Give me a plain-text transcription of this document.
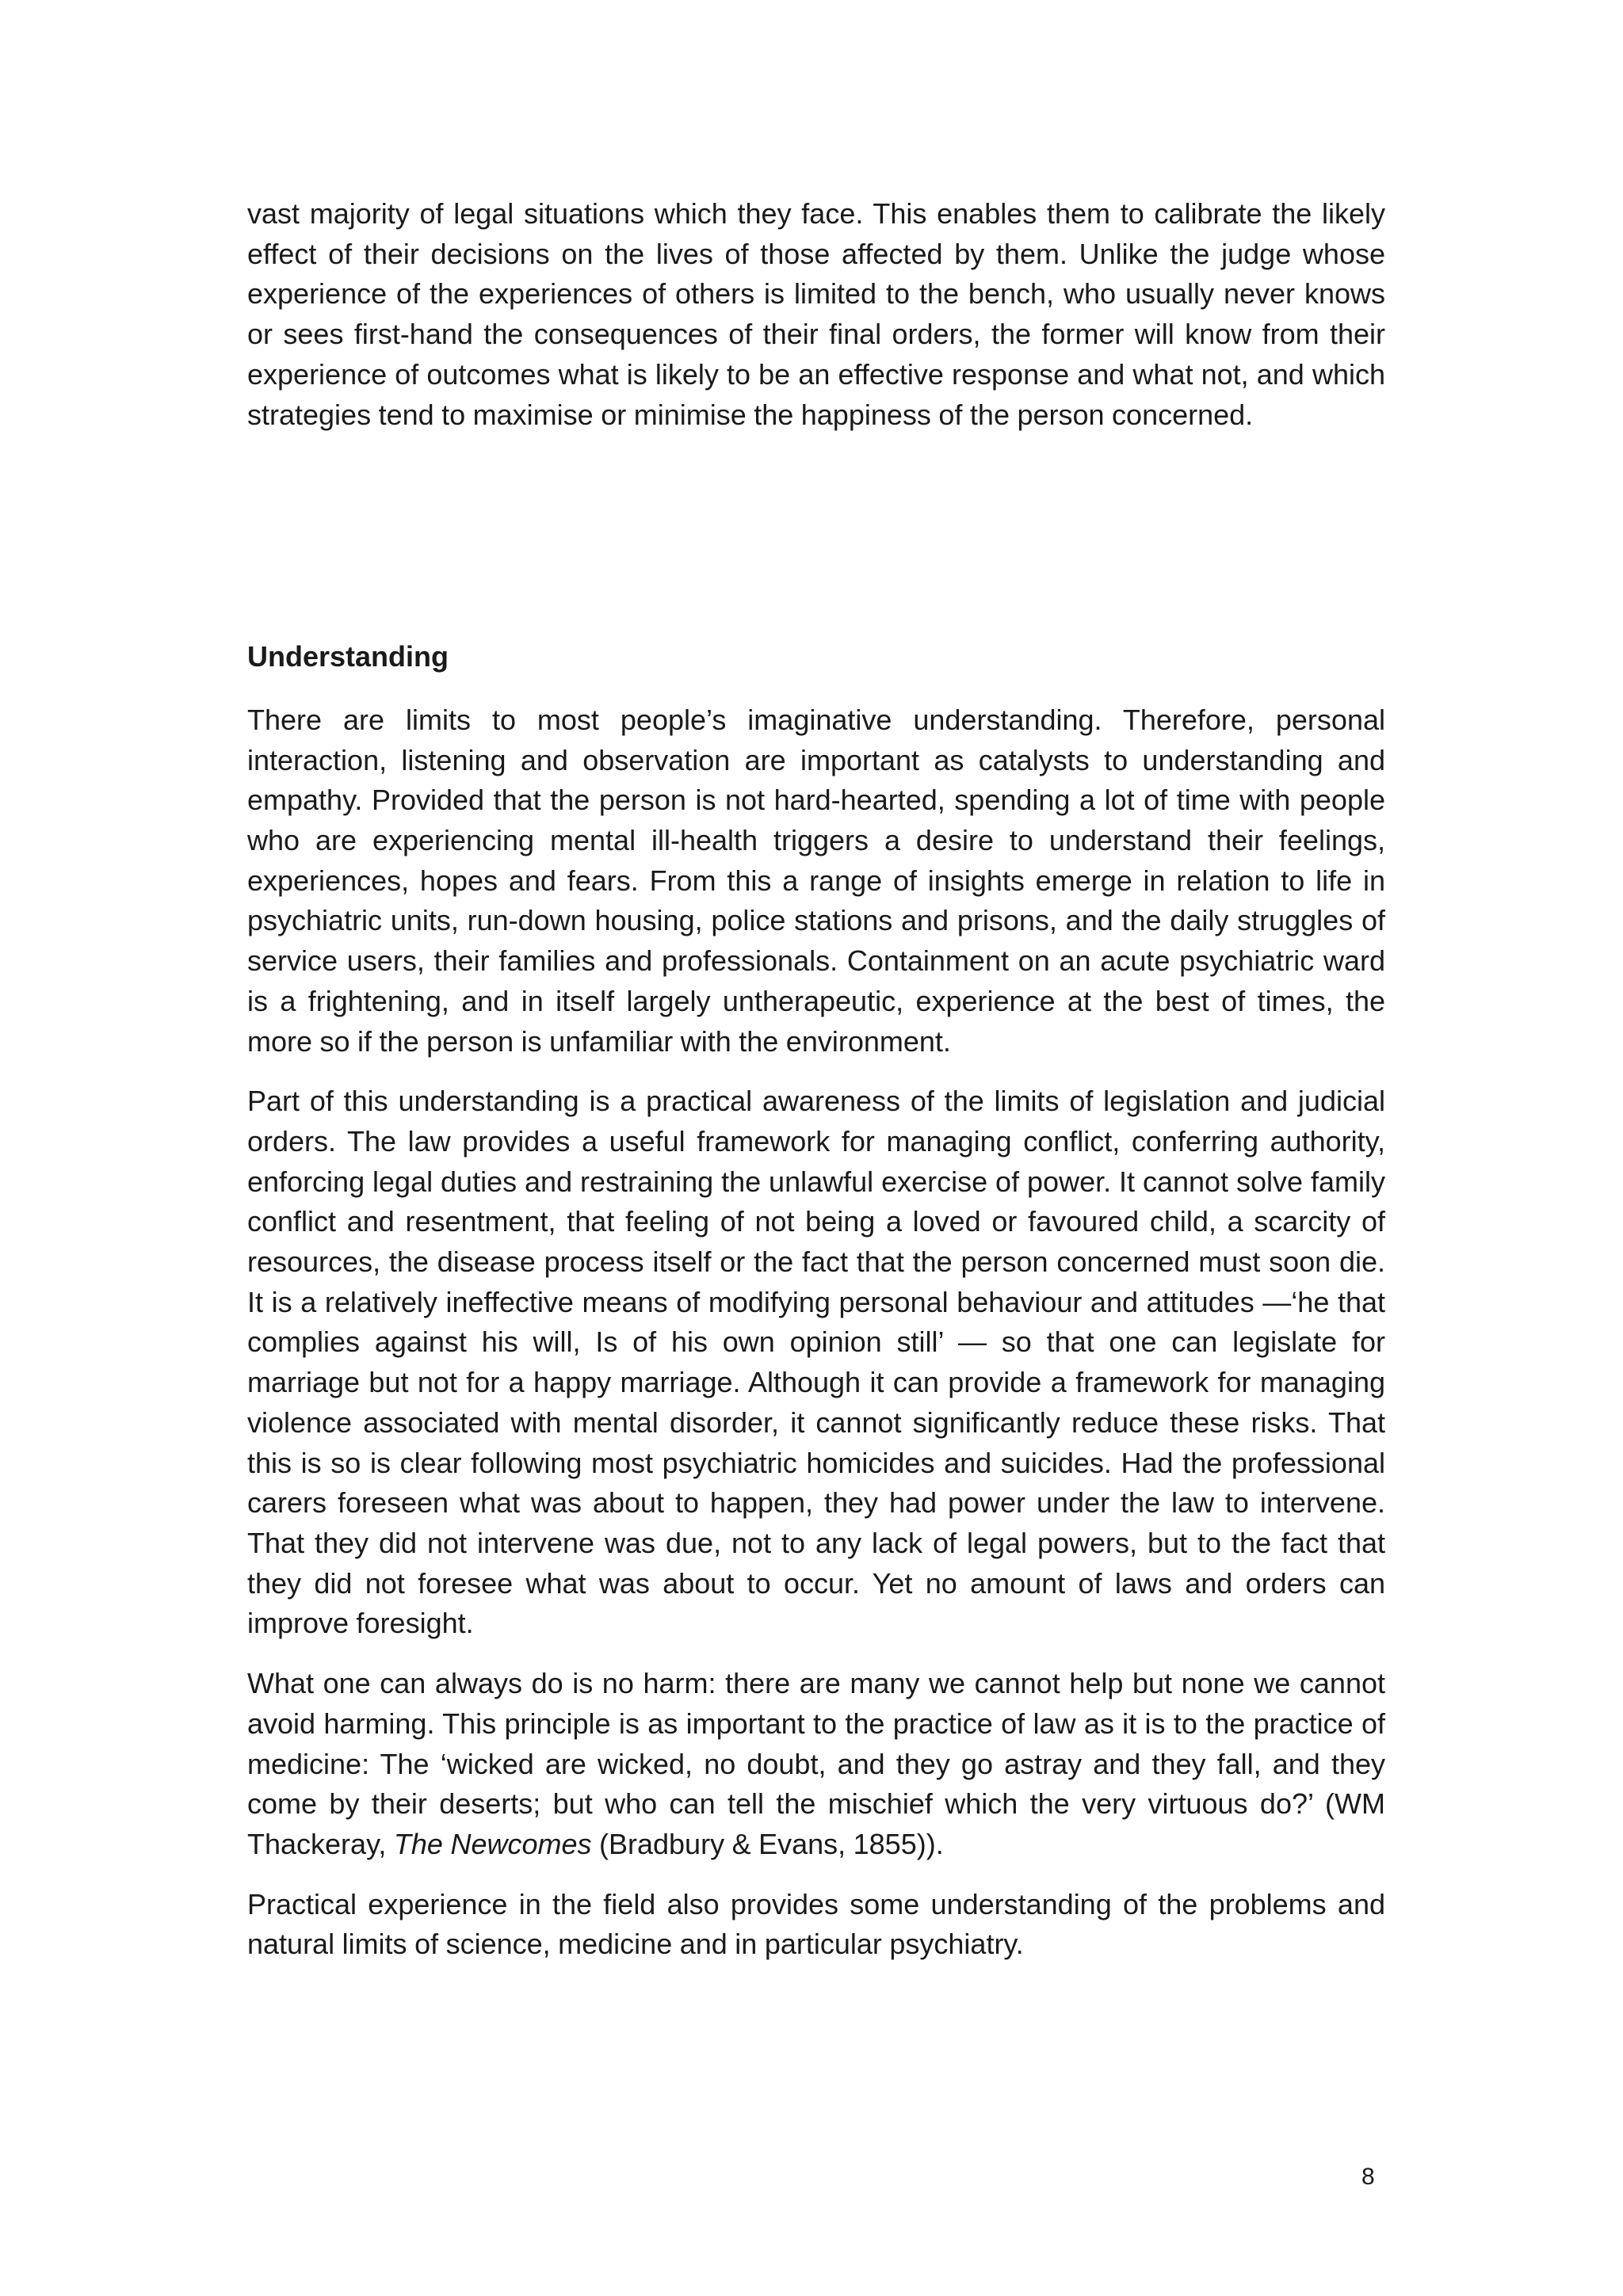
vast majority of legal situations which they face. This enables them to calibrate the likely effect of their decisions on the lives of those affected by them. Unlike the judge whose experience of the experiences of others is limited to the bench, who usually never knows or sees first-hand the consequences of their final orders, the former will know from their experience of outcomes what is likely to be an effective response and what not, and which strategies tend to maximise or minimise the happiness of the person concerned.

Understanding

There are limits to most people’s imaginative understanding. Therefore, personal interaction, listening and observation are important as catalysts to understanding and empathy. Provided that the person is not hard-hearted, spending a lot of time with people who are experiencing mental ill-health triggers a desire to understand their feelings, experiences, hopes and fears. From this a range of insights emerge in relation to life in psychiatric units, run-down housing, police stations and prisons, and the daily struggles of service users, their families and professionals. Containment on an acute psychiatric ward is a frightening, and in itself largely untherapeutic, experience at the best of times, the more so if the person is unfamiliar with the environment.

Part of this understanding is a practical awareness of the limits of legislation and judicial orders. The law provides a useful framework for managing conflict, conferring authority, enforcing legal duties and restraining the unlawful exercise of power. It cannot solve family conflict and resentment, that feeling of not being a loved or favoured child, a scarcity of resources, the disease process itself or the fact that the person concerned must soon die. It is a relatively ineffective means of modifying personal behaviour and attitudes —‘he that complies against his will, Is of his own opinion still’ — so that one can legislate for marriage but not for a happy marriage. Although it can provide a framework for managing violence associated with mental disorder, it cannot significantly reduce these risks. That this is so is clear following most psychiatric homicides and suicides. Had the professional carers foreseen what was about to happen, they had power under the law to intervene. That they did not intervene was due, not to any lack of legal powers, but to the fact that they did not foresee what was about to occur. Yet no amount of laws and orders can improve foresight.

What one can always do is no harm: there are many we cannot help but none we cannot avoid harming. This principle is as important to the practice of law as it is to the practice of medicine: The ‘wicked are wicked, no doubt, and they go astray and they fall, and they come by their deserts; but who can tell the mischief which the very virtuous do?’ (WM Thackeray, The Newcomes (Bradbury & Evans, 1855)).

Practical experience in the field also provides some understanding of the problems and natural limits of science, medicine and in particular psychiatry.

8
